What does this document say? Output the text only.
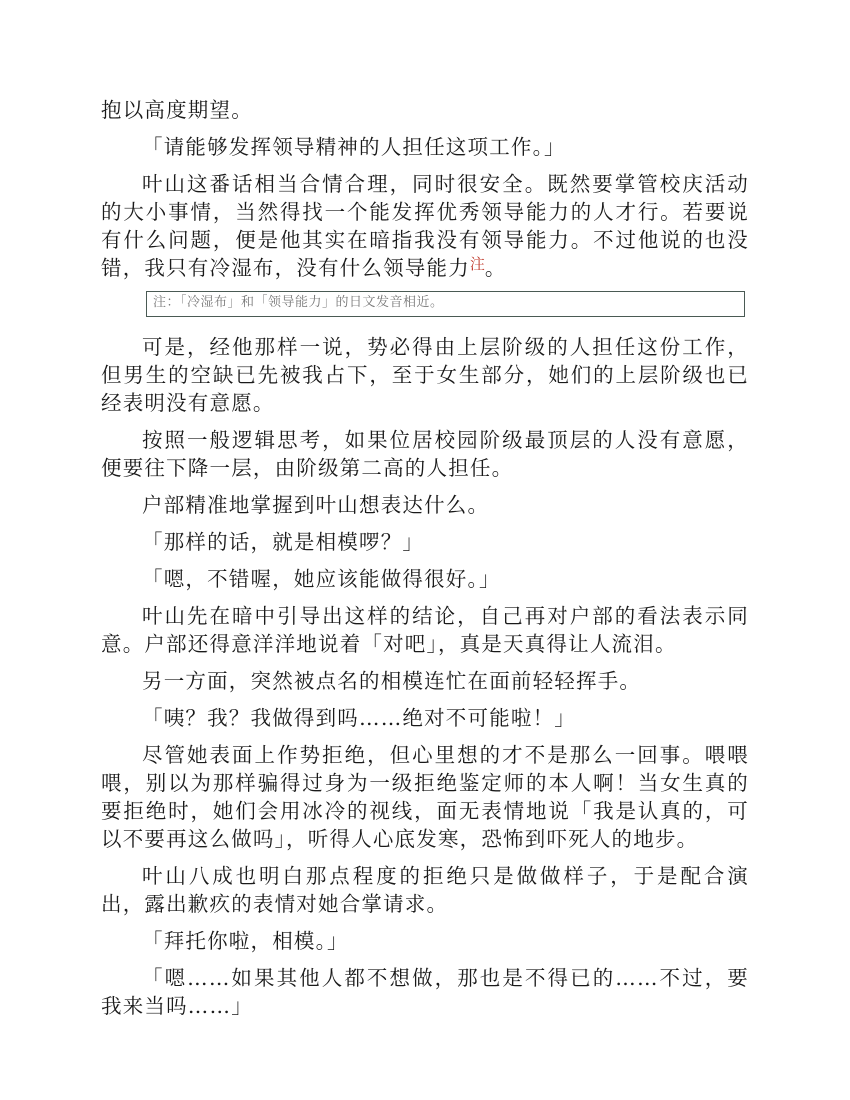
抱以高度期望。

「请能够发挥领导精神的人担任这项工作。」

叶山这番话相当合情合理，同时很安全。既然要掌管校庆活动的大小事情，当然得找一个能发挥优秀领导能力的人才行。若要说有什么问题，便是他其实在暗指我没有领导能力。不过他说的也没错，我只有冷湿布，没有什么领导能力$^注$。

注：「冷湿布」和「领导能力」的日文发音相近。

可是，经他那样一说，势必得由上层阶级的人担任这份工作，但男生的空缺已先被我占下，至于女生部分，她们的上层阶级也已经表明没有意愿。

按照一般逻辑思考，如果位居校园阶级最顶层的人没有意愿，便要往下降一层，由阶级第二高的人担任。

户部精准地掌握到叶山想表达什么。

「那样的话，就是相模啰？」

「嗯，不错喔，她应该能做得很好。」

叶山先在暗中引导出这样的结论，自己再对户部的看法表示同意。户部还得意洋洋地说着「对吧」，真是天真得让人流泪。

另一方面，突然被点名的相模连忙在面前轻轻挥手。

「咦？我？我做得到吗……绝对不可能啦！」

尽管她表面上作势拒绝，但心里想的才不是那么一回事。喂喂喂，别以为那样骗得过身为一级拒绝鉴定师的本人啊！当女生真的要拒绝时，她们会用冰冷的视线，面无表情地说「我是认真的，可以不要再这么做吗」，听得人心底发寒，恐怖到吓死人的地步。

叶山八成也明白那点程度的拒绝只是做做样子，于是配合演出，露出歉疚的表情对她合掌请求。

「拜托你啦，相模。」

「嗯……如果其他人都不想做，那也是不得已的……不过，要我来当吗……」
